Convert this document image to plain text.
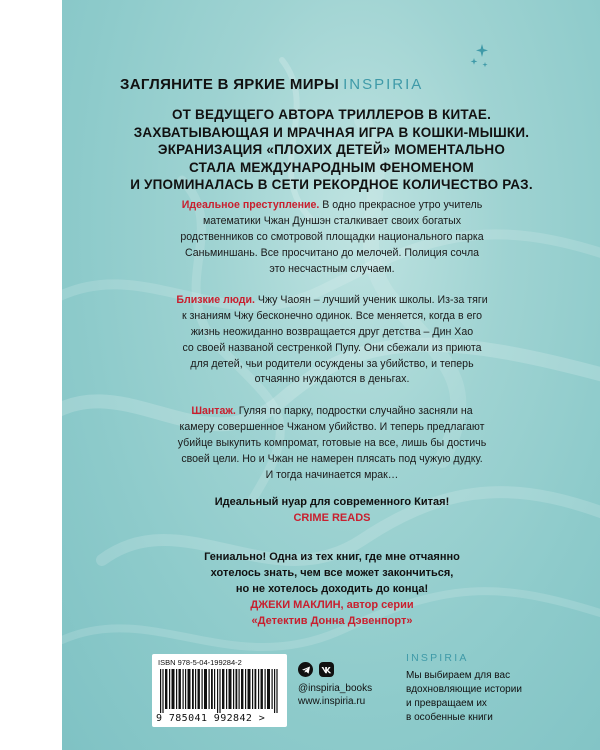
ЗАГЛЯНИТЕ В ЯРКИЕ МИРЫ INSPIRIA
ОТ ВЕДУЩЕГО АВТОРА ТРИЛЛЕРОВ В КИТАЕ.
ЗАХВАТЫВАЮЩАЯ И МРАЧНАЯ ИГРА В КОШКИ-МЫШКИ.
ЭКРАНИЗАЦИЯ «ПЛОХИХ ДЕТЕЙ» МОМЕНТАЛЬНО
СТАЛА МЕЖДУНАРОДНЫМ ФЕНОМЕНОМ
И УПОМИНАЛАСЬ В СЕТИ РЕКОРДНОЕ КОЛИЧЕСТВО РАЗ.
Идеальное преступление. В одно прекрасное утро учитель
математики Чжан Дуншэн сталкивает своих богатых
родственников со смотровой площадки национального парка
Саньминшань. Все просчитано до мелочей. Полиция сочла
это несчастным случаем.
Близкие люди. Чжу Чаоян – лучший ученик школы. Из-за тяги
к знаниям Чжу бесконечно одинок. Все меняется, когда в его
жизнь неожиданно возвращается друг детства – Дин Хао
со своей названой сестренкой Пупу. Они сбежали из приюта
для детей, чьи родители осуждены за убийство, и теперь
отчаянно нуждаются в деньгах.
Шантаж. Гуляя по парку, подростки случайно засняли на
камеру совершенное Чжаном убийство. И теперь предлагают
убийце выкупить компромат, готовые на все, лишь бы достичь
своей цели. Но и Чжан не намерен плясать под чужую дудку.
И тогда начинается мрак…
Идеальный нуар для современного Китая!
CRIME READS
Гениально! Одна из тех книг, где мне отчаянно
хотелось знать, чем все может закончиться,
но не хотелось доходить до конца!
ДЖЕКИ МАКЛИН, автор серии
«Детектив Донна Дэвенпорт»
ISBN 978-5-04-199284-2
9 785041 992842 >
@inspiria_books
www.inspiria.ru
INSPIRIA
Мы выбираем для вас
вдохновляющие истории
и превращаем их
в особенные книги
